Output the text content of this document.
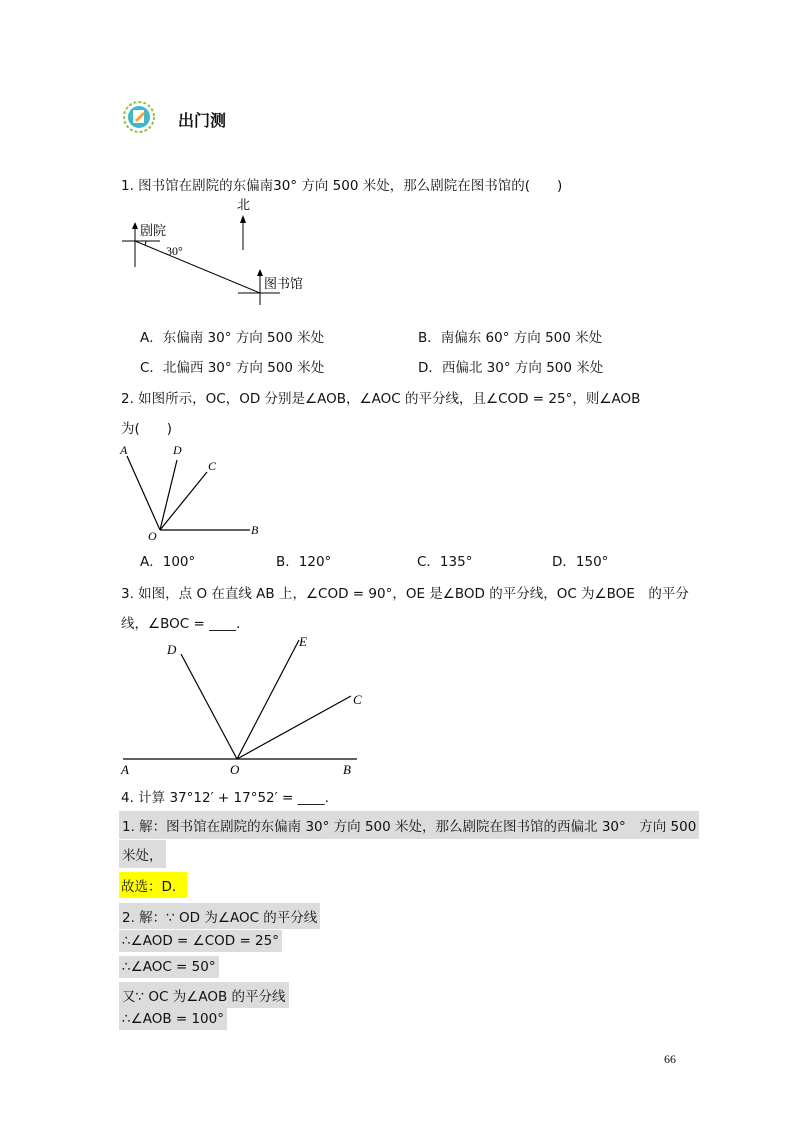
出门测
1. 图书馆在剧院的东偏南30° 方向 500 米处，那么剧院在图书馆的(　　)
北
剧院
30°
图书馆
A．东偏南 30° 方向 500 米处	B．南偏东 60° 方向 500 米处
C．北偏西 30° 方向 500 米处	D．西偏北 30° 方向 500 米处
2. 如图所示，OC，OD 分别是∠AOB，∠AOC 的平分线，且∠COD = 25°，则∠AOB
为(　　)
A	D
C
O	B
A．100°	B．120°	C．135°	D．150°
3. 如图，点 O 在直线 AB 上，∠COD = 90°，OE 是∠BOD 的平分线，OC 为∠BOE　的平分
线，∠BOC = ____.
D
E
C
A	O	B
4. 计算 37°12′ + 17°52′ = ____.
1. 解：图书馆在剧院的东偏南 30° 方向 500 米处，那么剧院在图书馆的西偏北 30°　方向 500
米处，
故选：D．
2. 解：∵ OD 为∠AOC 的平分线
∴∠AOD = ∠COD = 25°
∴∠AOC = 50°
又∵ OC 为∠AOB 的平分线
∴∠AOB = 100°
66
